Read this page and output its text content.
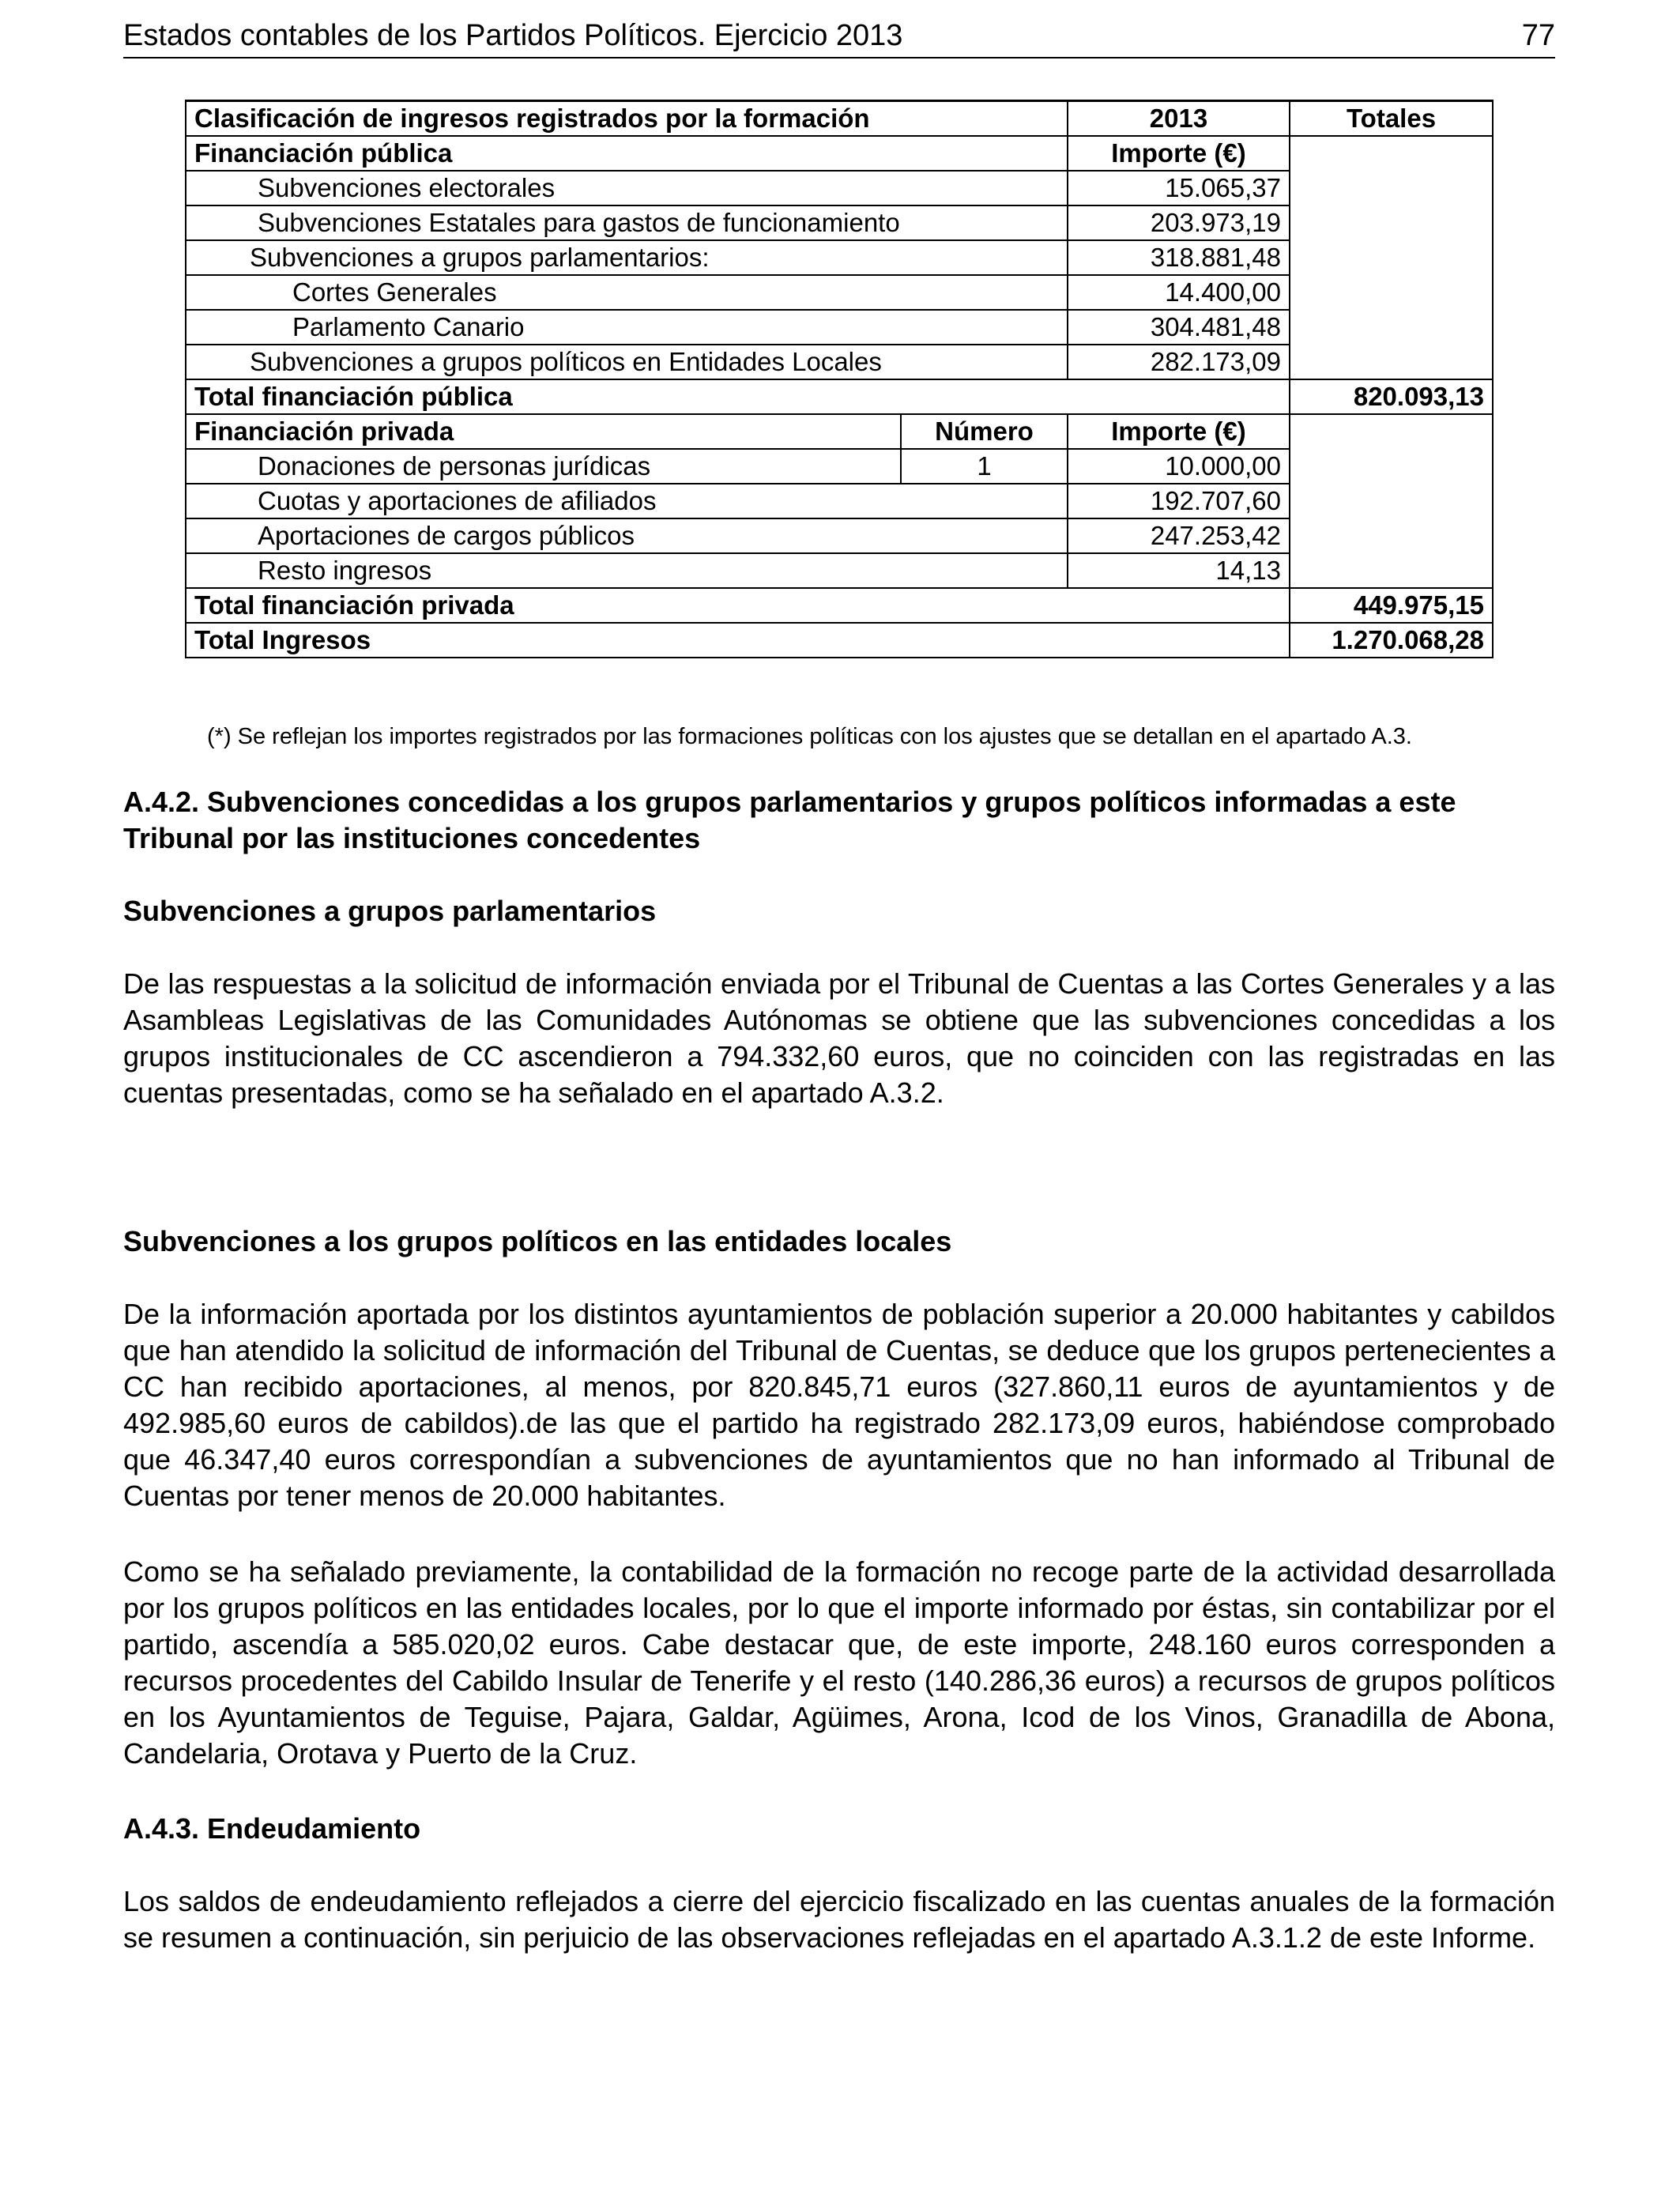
Estados contables de los Partidos Políticos. Ejercicio 2013	77
Clasificación de ingresos registrados por la formación		2013	Totales
Financiación pública		Importe (€)	
Subvenciones electorales		15.065,37	
Subvenciones Estatales para gastos de funcionamiento		203.973,19	
Subvenciones a grupos parlamentarios:		318.881,48	
Cortes Generales		14.400,00	
Parlamento Canario		304.481,48	
Subvenciones a grupos políticos en Entidades Locales		282.173,09	
Total financiación pública			820.093,13
Financiación privada	Número	Importe (€)	
Donaciones de personas jurídicas	1	10.000,00	
Cuotas y aportaciones de afiliados		192.707,60	
Aportaciones de cargos públicos		247.253,42	
Resto ingresos		14,13	
Total financiación privada			449.975,15
Total Ingresos			1.270.068,28
(*) Se reflejan los importes registrados por las formaciones políticas con los ajustes que se detallan en el apartado A.3.
A.4.2. Subvenciones concedidas a los grupos parlamentarios y grupos políticos informadas a este Tribunal por las instituciones concedentes
Subvenciones a grupos parlamentarios
De las respuestas a la solicitud de información enviada por el Tribunal de Cuentas a las Cortes Generales y a las Asambleas Legislativas de las Comunidades Autónomas se obtiene que las subvenciones concedidas a los grupos institucionales de CC ascendieron a 794.332,60 euros, que no coinciden con las registradas en las cuentas presentadas, como se ha señalado en el apartado A.3.2.
Subvenciones a los grupos políticos en las entidades locales
De la información aportada por los distintos ayuntamientos de población superior a 20.000 habitantes y cabildos que han atendido la solicitud de información del Tribunal de Cuentas, se deduce que los grupos pertenecientes a CC han recibido aportaciones, al menos, por 820.845,71 euros (327.860,11 euros de ayuntamientos y de 492.985,60 euros de cabildos).de las que el partido ha registrado 282.173,09 euros, habiéndose comprobado que 46.347,40 euros correspondían a subvenciones de ayuntamientos que no han informado al Tribunal de Cuentas por tener menos de 20.000 habitantes.
Como se ha señalado previamente, la contabilidad de la formación no recoge parte de la actividad desarrollada por los grupos políticos en las entidades locales, por lo que el importe informado por éstas, sin contabilizar por el partido, ascendía a 585.020,02 euros. Cabe destacar que, de este importe, 248.160 euros corresponden a recursos procedentes del Cabildo Insular de Tenerife y el resto (140.286,36 euros) a recursos de grupos políticos en los Ayuntamientos de Teguise, Pajara, Galdar, Agüimes, Arona, Icod de los Vinos, Granadilla de Abona, Candelaria, Orotava y Puerto de la Cruz.
A.4.3. Endeudamiento
Los saldos de endeudamiento reflejados a cierre del ejercicio fiscalizado en las cuentas anuales de la formación se resumen a continuación, sin perjuicio de las observaciones reflejadas en el apartado A.3.1.2 de este Informe.
